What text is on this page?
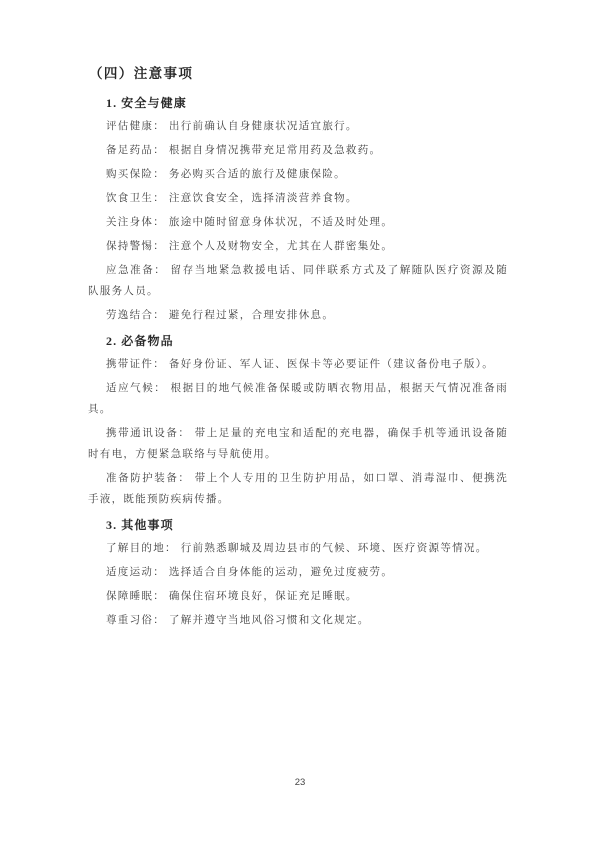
（四）注意事项
1. 安全与健康

评估健康： 出行前确认自身健康状况适宜旅行。

备足药品： 根据自身情况携带充足常用药及急救药。

购买保险： 务必购买合适的旅行及健康保险。

饮食卫生： 注意饮食安全，选择清淡营养食物。

关注身体： 旅途中随时留意身体状况，不适及时处理。

保持警惕： 注意个人及财物安全，尤其在人群密集处。

应急准备： 留存当地紧急救援电话、同伴联系方式及了解随队医疗资源及随队服务人员。

劳逸结合： 避免行程过紧，合理安排休息。

2. 必备物品

携带证件： 备好身份证、军人证、医保卡等必要证件（建议备份电子版）。

适应气候： 根据目的地气候准备保暖或防晒衣物用品，根据天气情况准备雨具。

携带通讯设备： 带上足量的充电宝和适配的充电器，确保手机等通讯设备随时有电，方便紧急联络与导航使用。

准备防护装备： 带上个人专用的卫生防护用品，如口罩、消毒湿巾、便携洗手液，既能预防疾病传播。

3. 其他事项

了解目的地： 行前熟悉聊城及周边县市的气候、环境、医疗资源等情况。

适度运动： 选择适合自身体能的运动，避免过度疲劳。

保障睡眠： 确保住宿环境良好，保证充足睡眠。

尊重习俗： 了解并遵守当地风俗习惯和文化规定。

23
